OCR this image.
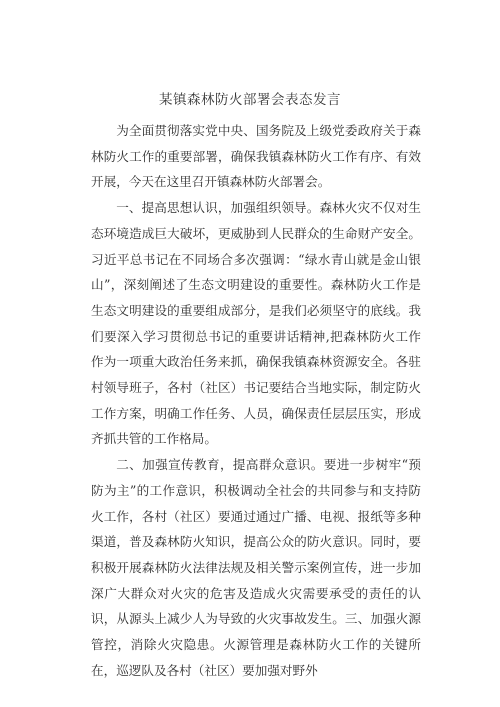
某镇森林防火部署会表态发言

为全面贯彻落实党中央、国务院及上级党委政府关于森林防火工作的重要部署，确保我镇森林防火工作有序、有效开展，今天在这里召开镇森林防火部署会。

一、提高思想认识，加强组织领导。森林火灾不仅对生态环境造成巨大破坏，更威胁到人民群众的生命财产安全。习近平总书记在不同场合多次强调：“绿水青山就是金山银山”，深刻阐述了生态文明建设的重要性。森林防火工作是生态文明建设的重要组成部分，是我们必须坚守的底线。我们要深入学习贯彻总书记的重要讲话精神,把森林防火工作作为一项重大政治任务来抓，确保我镇森林资源安全。各驻村领导班子，各村（社区）书记要结合当地实际，制定防火工作方案，明确工作任务、人员，确保责任层层压实，形成齐抓共管的工作格局。

二、加强宣传教育，提高群众意识。要进一步树牢“预防为主”的工作意识，积极调动全社会的共同参与和支持防火工作，各村（社区）要通过通过广播、电视、报纸等多种渠道，普及森林防火知识，提高公众的防火意识。同时，要积极开展森林防火法律法规及相关警示案例宣传，进一步加深广大群众对火灾的危害及造成火灾需要承受的责任的认识，从源头上减少人为导致的火灾事故发生。三、加强火源管控，消除火灾隐患。火源管理是森林防火工作的关键所在，巡逻队及各村（社区）要加强对野外
